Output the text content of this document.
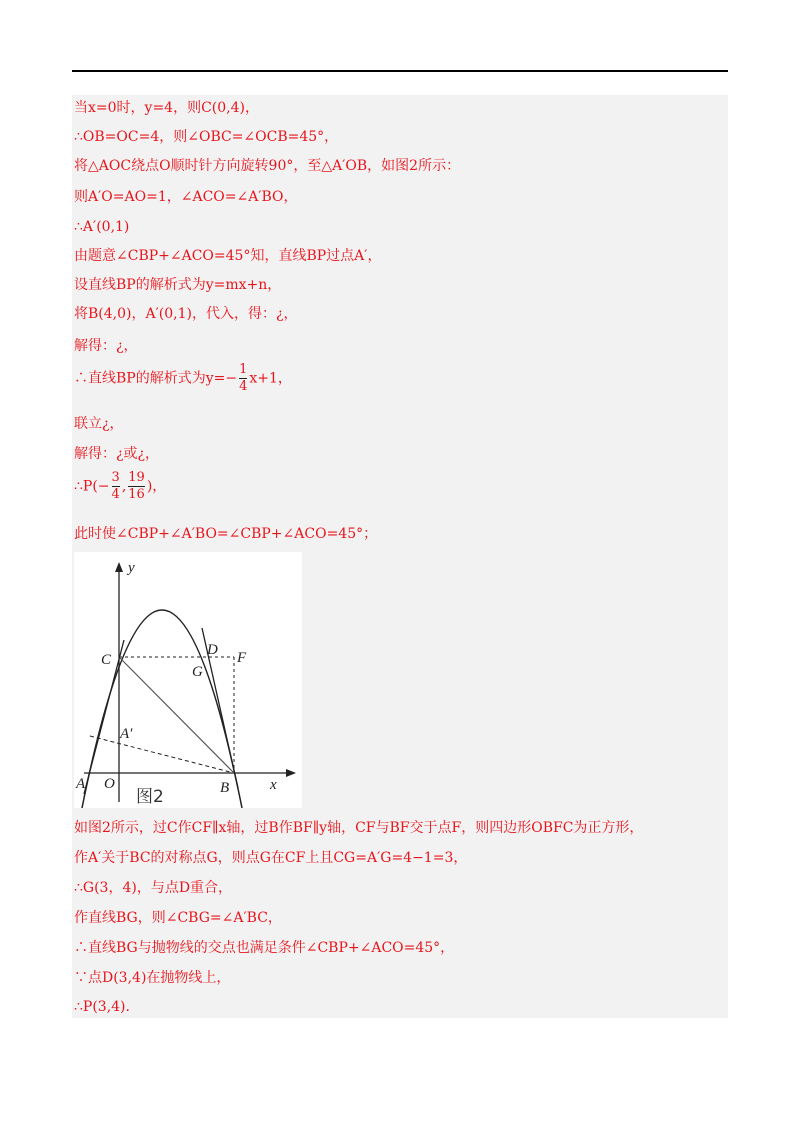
当x=0时，y=4，则C(0,4)，
∴OB=OC=4，则∠OBC=∠OCB=45°，
将△AOC绕点O顺时针方向旋转90°，至△A′OB，如图2所示：
则A′O=AO=1，∠ACO=∠A′BO，
∴A′(0,1)
由题意∠CBP+∠ACO=45°知，直线BP过点A′，
设直线BP的解析式为y=mx+n，
将B(4,0)，A′(0,1)，代入，得：¿，
解得：¿，
∴直线BP的解析式为$y=- \frac{1}{4} x+1$，
联立¿，
解得：¿或¿，
∴P(− $\frac{3}{4}$ , $\frac{19}{16}$ )，
此时使∠CBP+∠A′BO=∠CBP+∠ACO=45°；
y
x
C
D F
G
A′
A O	B
图2
如图2所示，过C作CF∥x轴，过B作BF∥y轴，CF与BF交于点F，则四边形OBFC为正方形，
作A′关于BC的对称点G，则点G在CF上且CG=A′G=4−1=3，
∴G(3，4)，与点D重合，
作直线BG，则∠CBG=∠A′BC，
∴直线BG与抛物线的交点也满足条件∠CBP+∠ACO=45°，
∵点D(3,4)在抛物线上，
∴P(3,4).
